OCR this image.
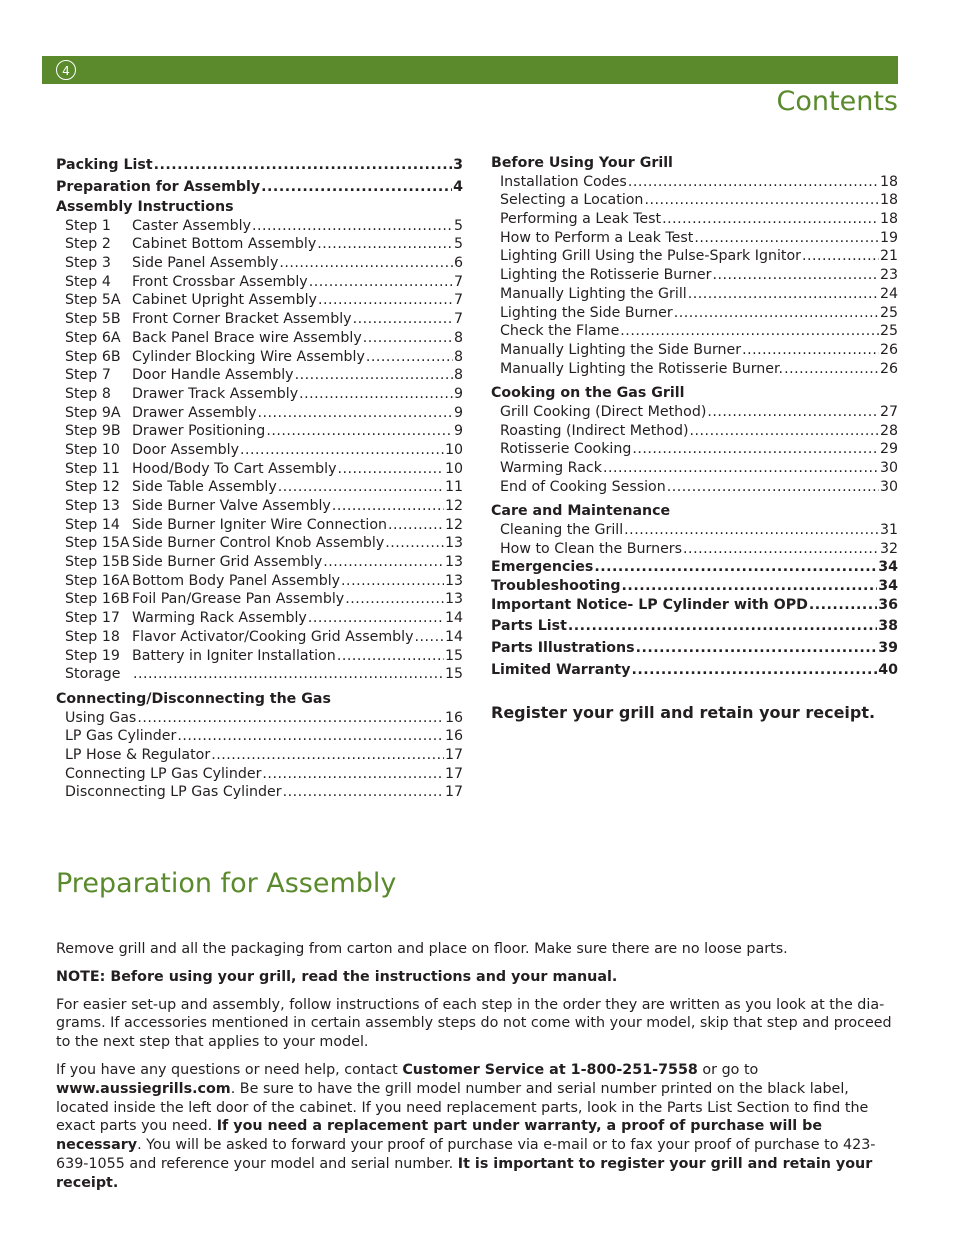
4
Contents
Packing List .....	3
Preparation for Assembly .....	4
Assembly Instructions
Step 1	Caster Assembly .....	5
Step 2	Cabinet Bottom Assembly .....	5
Step 3	Side Panel Assembly .....	6
Step 4	Front Crossbar Assembly .....	7
Step 5A Cabinet Upright Assembly .....	7
Step 5B Front Corner Bracket Assembly .....	7
Step 6A Back Panel Brace wire Assembly .....	8
Step 6B Cylinder Blocking Wire Assembly .....	8
Step 7	Door Handle Assembly .....	8
Step 8	Drawer Track Assembly .....	9
Step 9A Drawer Assembly .....	9
Step 9B Drawer Positioning .....	9
Step 10 Door Assembly .....	10
Step 11 Hood/Body To Cart Assembly .....	10
Step 12 Side Table Assembly .....	11
Step 13 Side Burner Valve Assembly .....	12
Step 14 Side Burner Igniter Wire Connection .....	12
Step 15A Side Burner Control Knob Assembly .....	13
Step 15B Side Burner Grid Assembly .....	13
Step 16A Bottom Body Panel Assembly .....	13
Step 16B Foil Pan/Grease Pan Assembly .....	13
Step 17 Warming Rack Assembly .....	14
Step 18 Flavor Activator/Cooking Grid Assembly ..... 14
Step 19 Battery in Igniter Installation .....	15
Storage .....	15
Connecting/Disconnecting the Gas
Using Gas .....	16
LP Gas Cylinder .....	16
LP Hose & Regulator .....	17
Connecting LP Gas Cylinder .....	17
Disconnecting LP Gas Cylinder .....	17
Before Using Your Grill
Installation Codes .....	18
Selecting a Location .....	18
Performing a Leak Test .....	18
How to Perform a Leak Test .....	19
Lighting Grill Using the Pulse-Spark Ignitor .....	21
Lighting the Rotisserie Burner .....	23
Manually Lighting the Grill .....	24
Lighting the Side Burner .....	25
Check the Flame .....	25
Manually Lighting the Side Burner .....	26
Manually Lighting the Rotisserie Burner. .....	26
Cooking on the Gas Grill
Grill Cooking (Direct Method) .....	27
Roasting (Indirect Method) .....	28
Rotisserie Cooking .....	29
Warming Rack .....	30
End of Cooking Session .....	30
Care and Maintenance
Cleaning the Grill .....	31
How to Clean the Burners .....	32
Emergencies .....	34
Troubleshooting .....	34
Important Notice- LP Cylinder with OPD .....	36
Parts List .....	38
Parts Illustrations .....	39
Limited Warranty .....	40

Register your grill and retain your receipt.

Preparation for Assembly

Remove grill and all the packaging from carton and place on floor. Make sure there are no loose parts.

NOTE: Before using your grill, read the instructions and your manual.

For easier set-up and assembly, follow instructions of each step in the order they are written as you look at the dia-grams. If accessories mentioned in certain assembly steps do not come with your model, skip that step and proceed to the next step that applies to your model.

If you have any questions or need help, contact Customer Service at 1-800-251-7558 or go to www.aussiegrills.com. Be sure to have the grill model number and serial number printed on the black label, located inside the left door of the cabinet. If you need replacement parts, look in the Parts List Section to find the exact parts you need. If you need a replacement part under warranty, a proof of purchase will be necessary. You will be asked to forward your proof of purchase via e-mail or to fax your proof of purchase to 423-639-1055 and reference your model and serial number. It is important to register your grill and retain your receipt.
